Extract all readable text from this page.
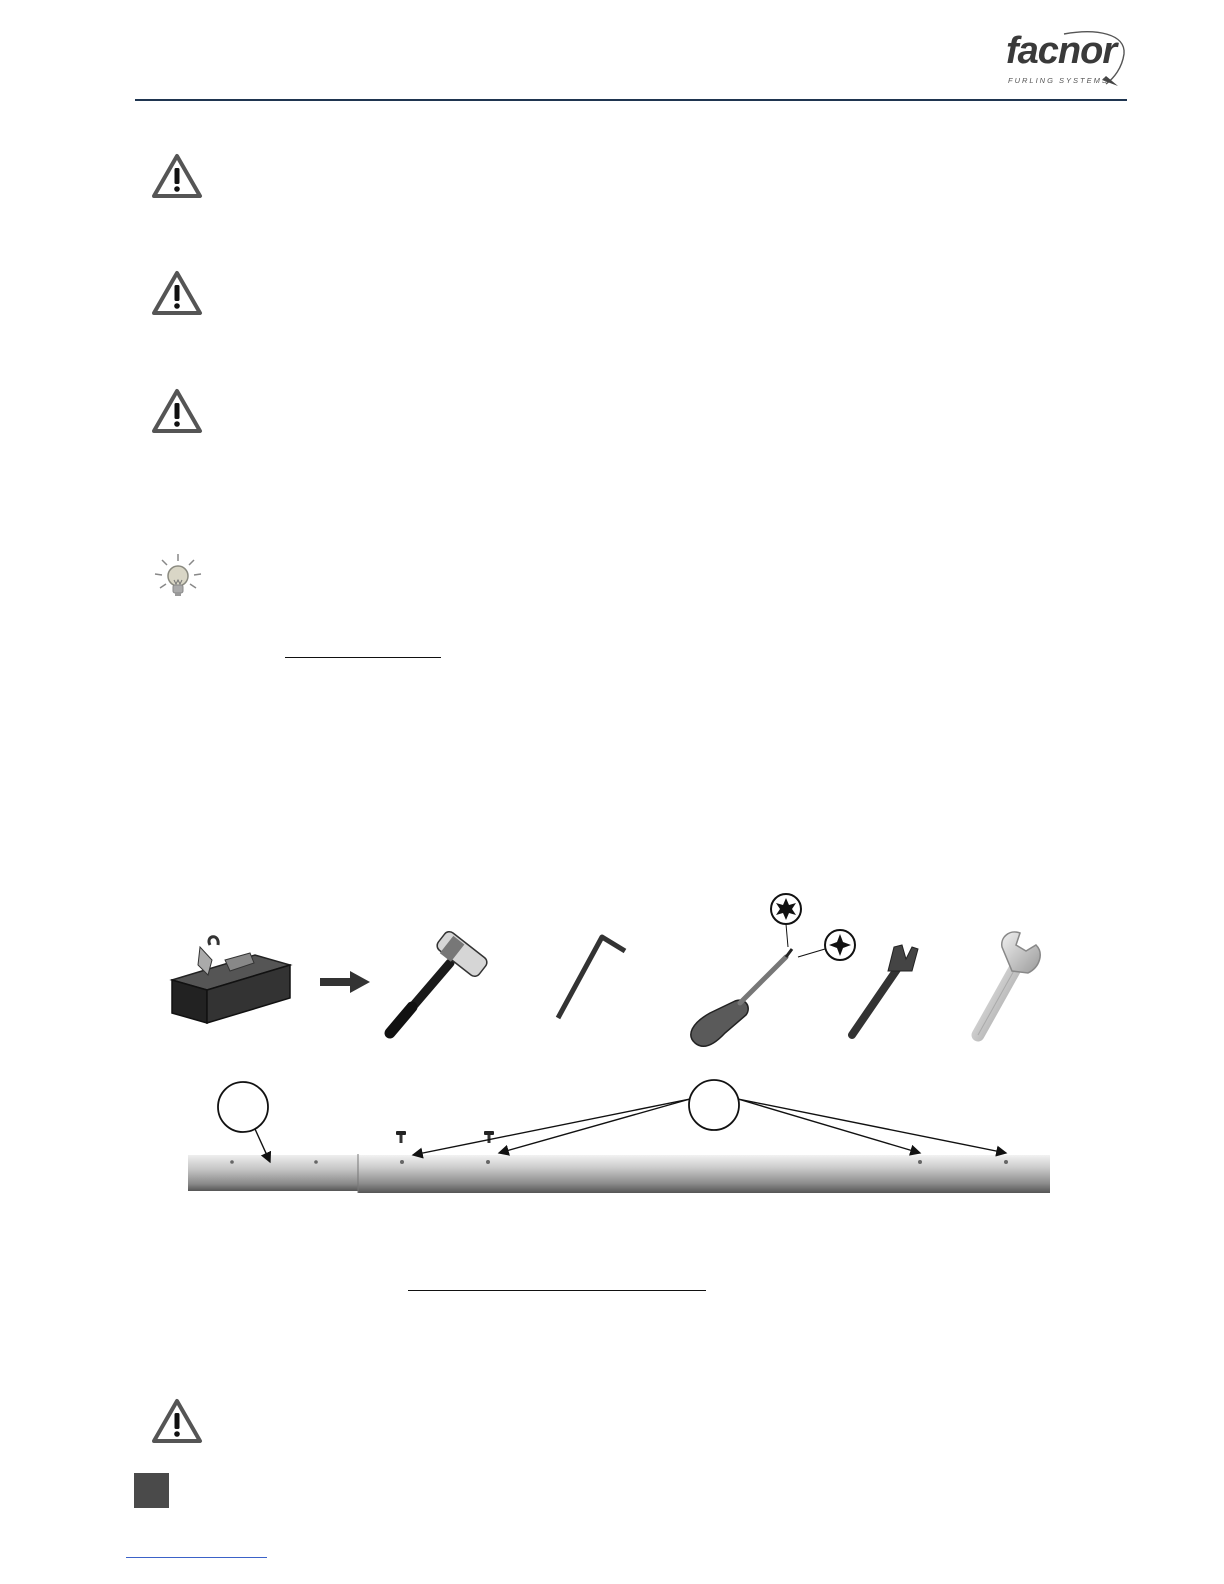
facnor
FURLING SYSTEMS
